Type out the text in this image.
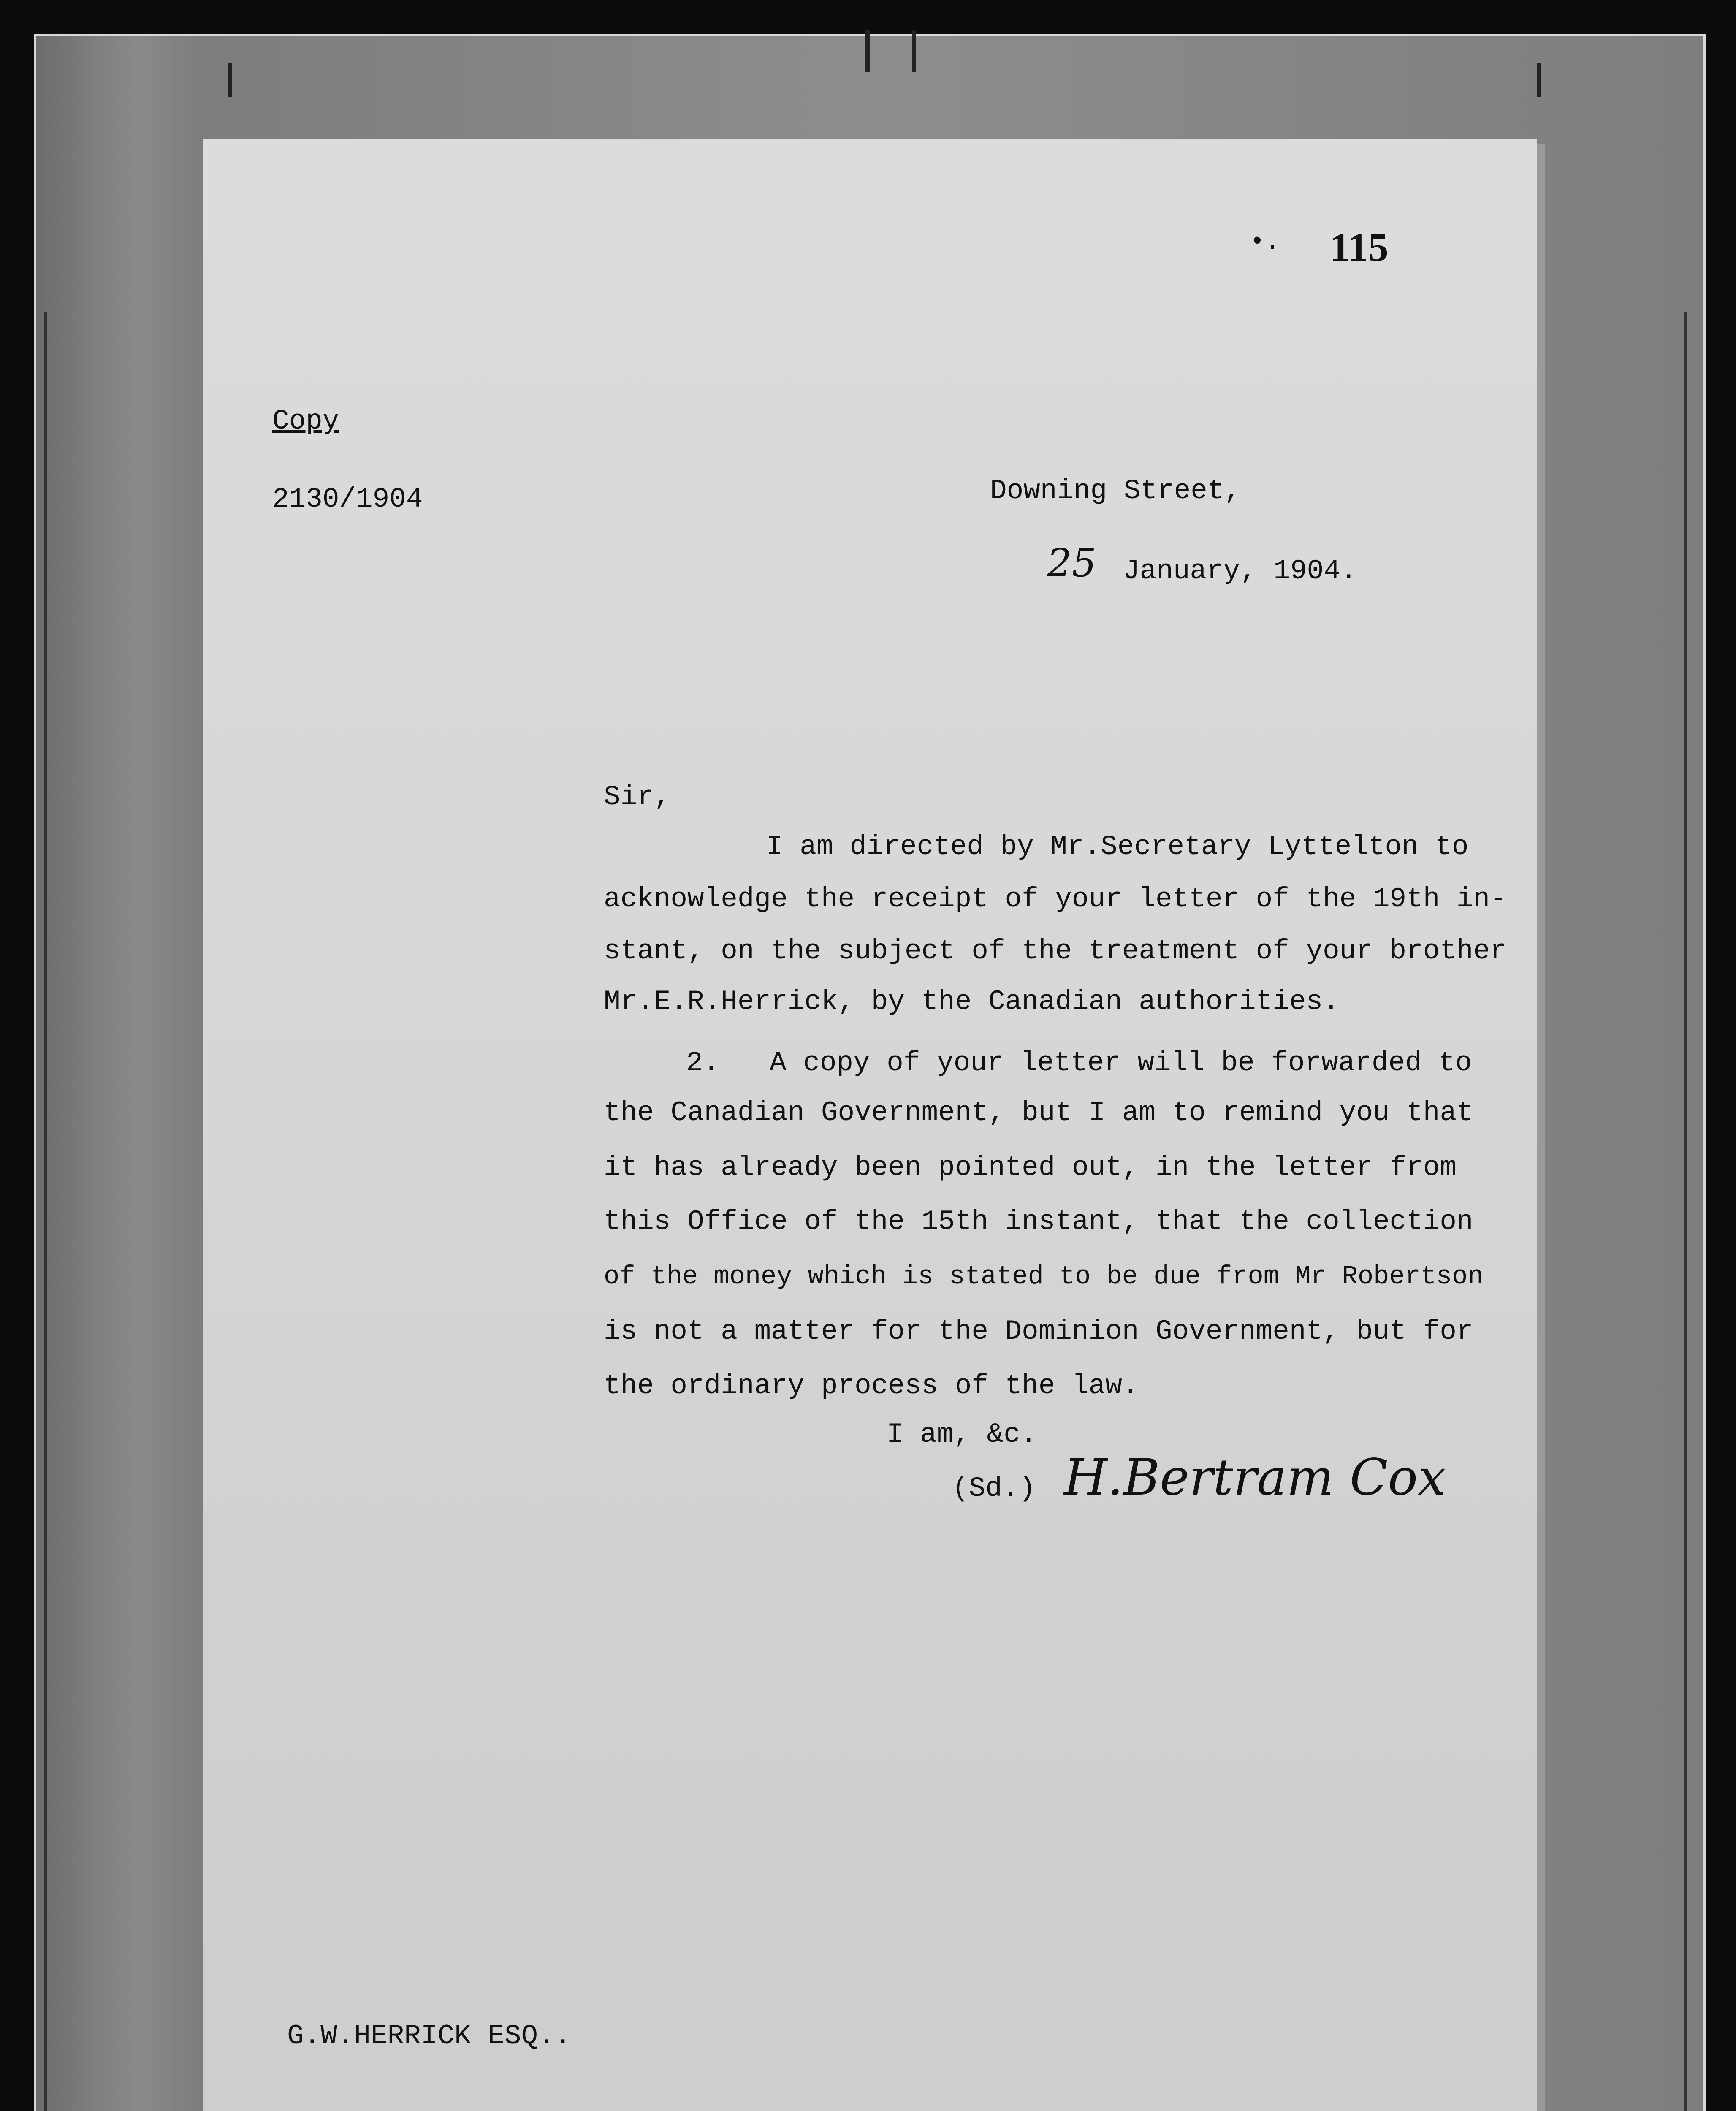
•. 115
Copy
2130/1904	Downing Street,
25 January, 1904.
Sir,
I am directed by Mr.Secretary Lyttelton to
acknowledge the receipt of your letter of the 19th in-
stant, on the subject of the treatment of your brother
Mr.E.R.Herrick, by the Canadian authorities.
2.   A copy of your letter will be forwarded to
the Canadian Government, but I am to remind you that
it has already been pointed out, in the letter from
this Office of the 15th instant, that the collection
of the money which is stated to be due from Mr Robertson
is not a matter for the Dominion Government, but for
the ordinary process of the law.
I am, &c.
(Sd.) H.Bertram Cox
G.W.HERRICK ESQ..
